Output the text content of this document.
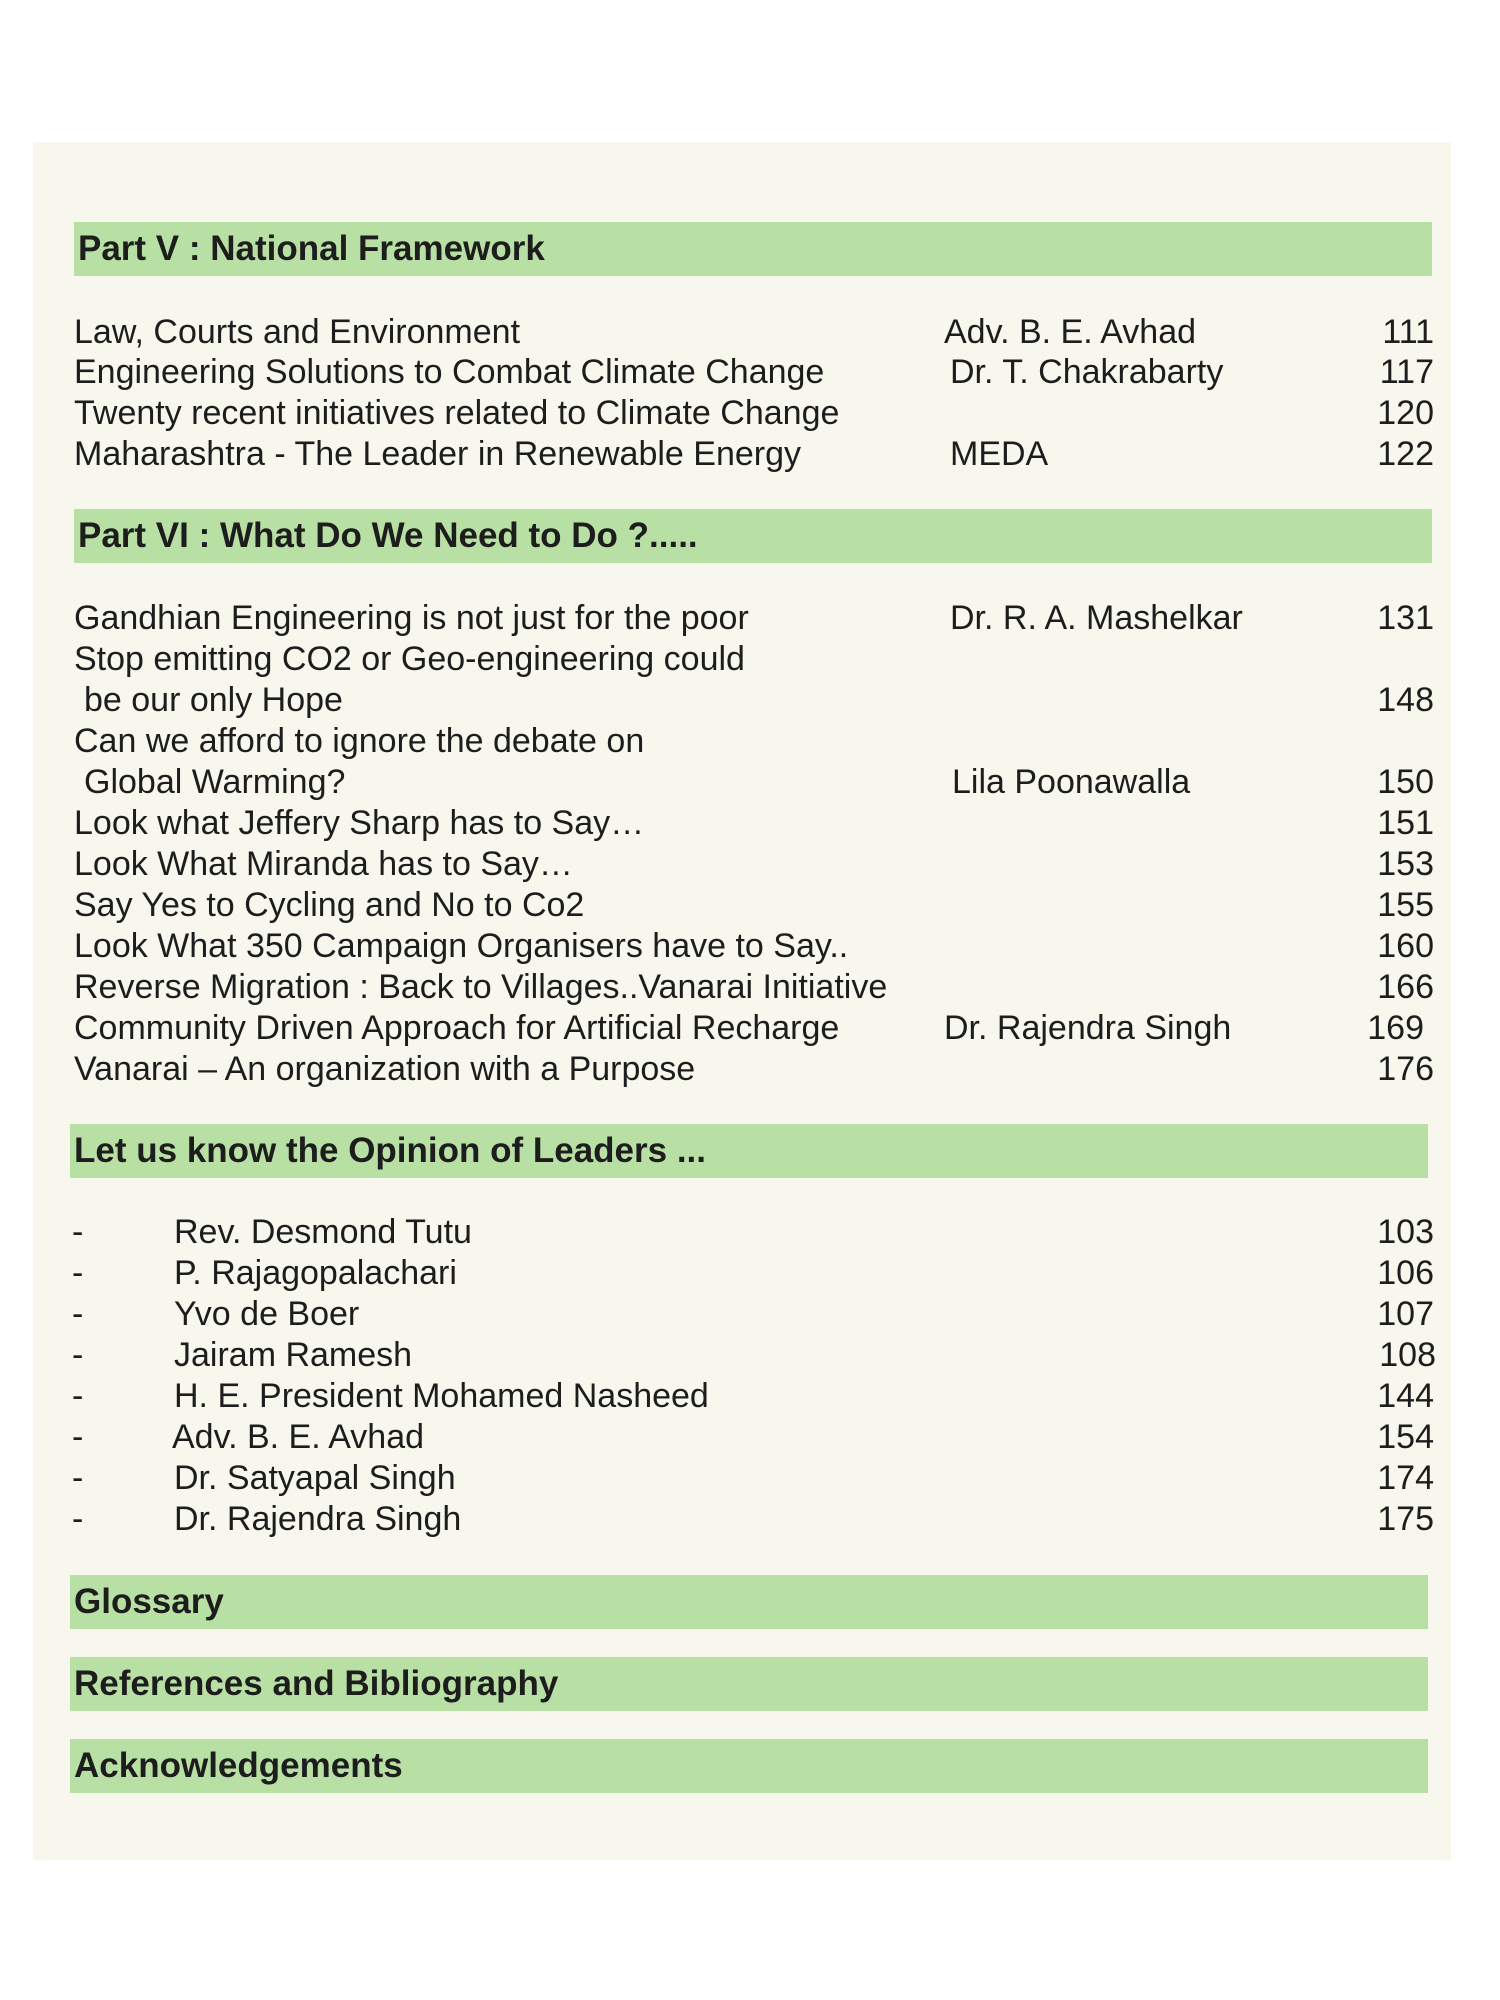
Part V : National Framework
Law, Courts and Environment	Adv. B. E. Avhad	111
Engineering Solutions to Combat Climate Change	Dr. T. Chakrabarty	117
Twenty recent initiatives related to Climate Change	120
Maharashtra - The Leader in Renewable Energy	MEDA	122
Part VI : What Do We Need to Do ?.....
Gandhian Engineering is not just for the poor	Dr. R. A. Mashelkar	131
Stop emitting CO2 or Geo-engineering could
be our only Hope	148
Can we afford to ignore the debate on
Global Warming?	Lila Poonawalla	150
Look what Jeffery Sharp has to Say…	151
Look What Miranda has to Say…	153
Say Yes to Cycling and No to Co2	155
Look What 350 Campaign Organisers have to Say..	160
Reverse Migration : Back to Villages..Vanarai Initiative	166
Community Driven Approach for Artificial Recharge	Dr. Rajendra Singh	169
Vanarai – An organization with a Purpose	176
Let us know the Opinion of Leaders ...
-	Rev. Desmond Tutu	103
-	P. Rajagopalachari	106
-	Yvo de Boer	107
-	Jairam Ramesh	108
-	H. E. President Mohamed Nasheed	144
-	Adv. B. E. Avhad	154
-	Dr. Satyapal Singh	174
-	Dr. Rajendra Singh	175
Glossary
References and Bibliography
Acknowledgements
